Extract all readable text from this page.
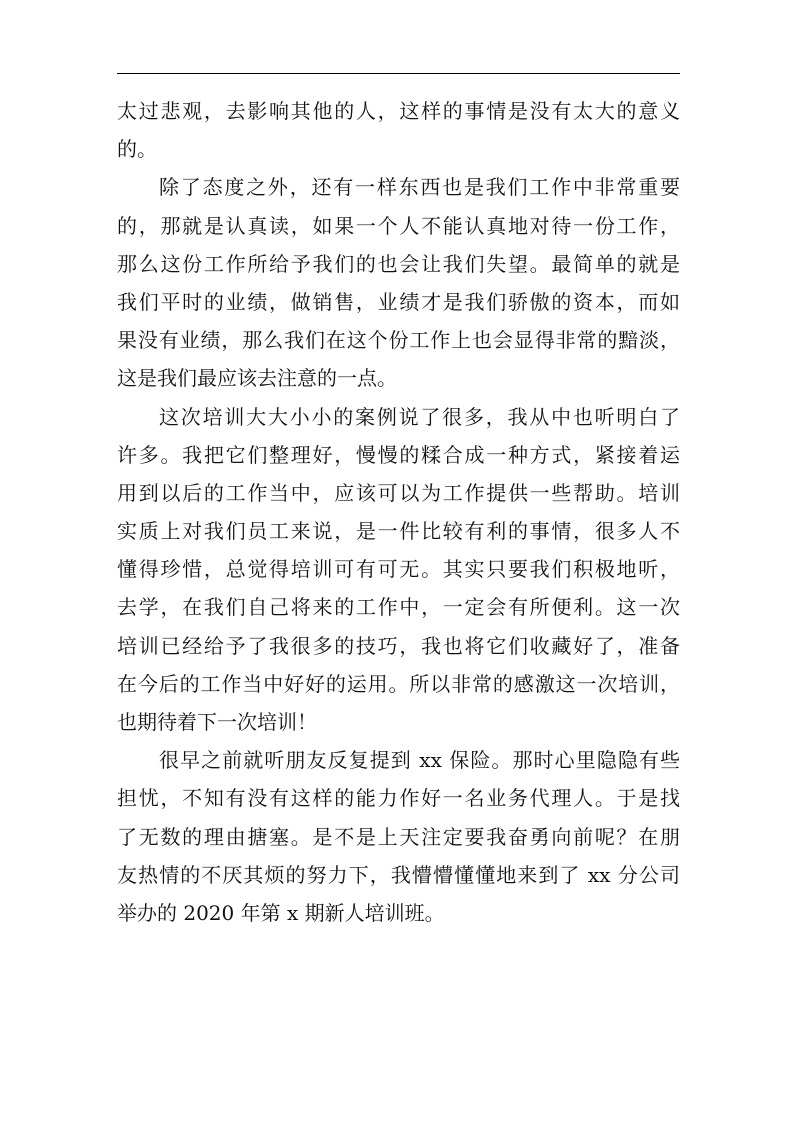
太过悲观，去影响其他的人，这样的事情是没有太大的意义
的。
除了态度之外，还有一样东西也是我们工作中非常重要
的，那就是认真读，如果一个人不能认真地对待一份工作，
那么这份工作所给予我们的也会让我们失望。最简单的就是
我们平时的业绩，做销售，业绩才是我们骄傲的资本，而如
果没有业绩，那么我们在这个份工作上也会显得非常的黯淡，
这是我们最应该去注意的一点。
这次培训大大小小的案例说了很多，我从中也听明白了
许多。我把它们整理好，慢慢的糅合成一种方式，紧接着运
用到以后的工作当中，应该可以为工作提供一些帮助。培训
实质上对我们员工来说，是一件比较有利的事情，很多人不
懂得珍惜，总觉得培训可有可无。其实只要我们积极地听，
去学，在我们自己将来的工作中，一定会有所便利。这一次
培训已经给予了我很多的技巧，我也将它们收藏好了，准备
在今后的工作当中好好的运用。所以非常的感激这一次培训，
也期待着下一次培训！
很早之前就听朋友反复提到 xx 保险。那时心里隐隐有些
担忧，不知有没有这样的能力作好一名业务代理人。于是找
了无数的理由搪塞。是不是上天注定要我奋勇向前呢？在朋
友热情的不厌其烦的努力下，我懵懵懂懂地来到了 xx 分公司
举办的 2020 年第 x 期新人培训班。
